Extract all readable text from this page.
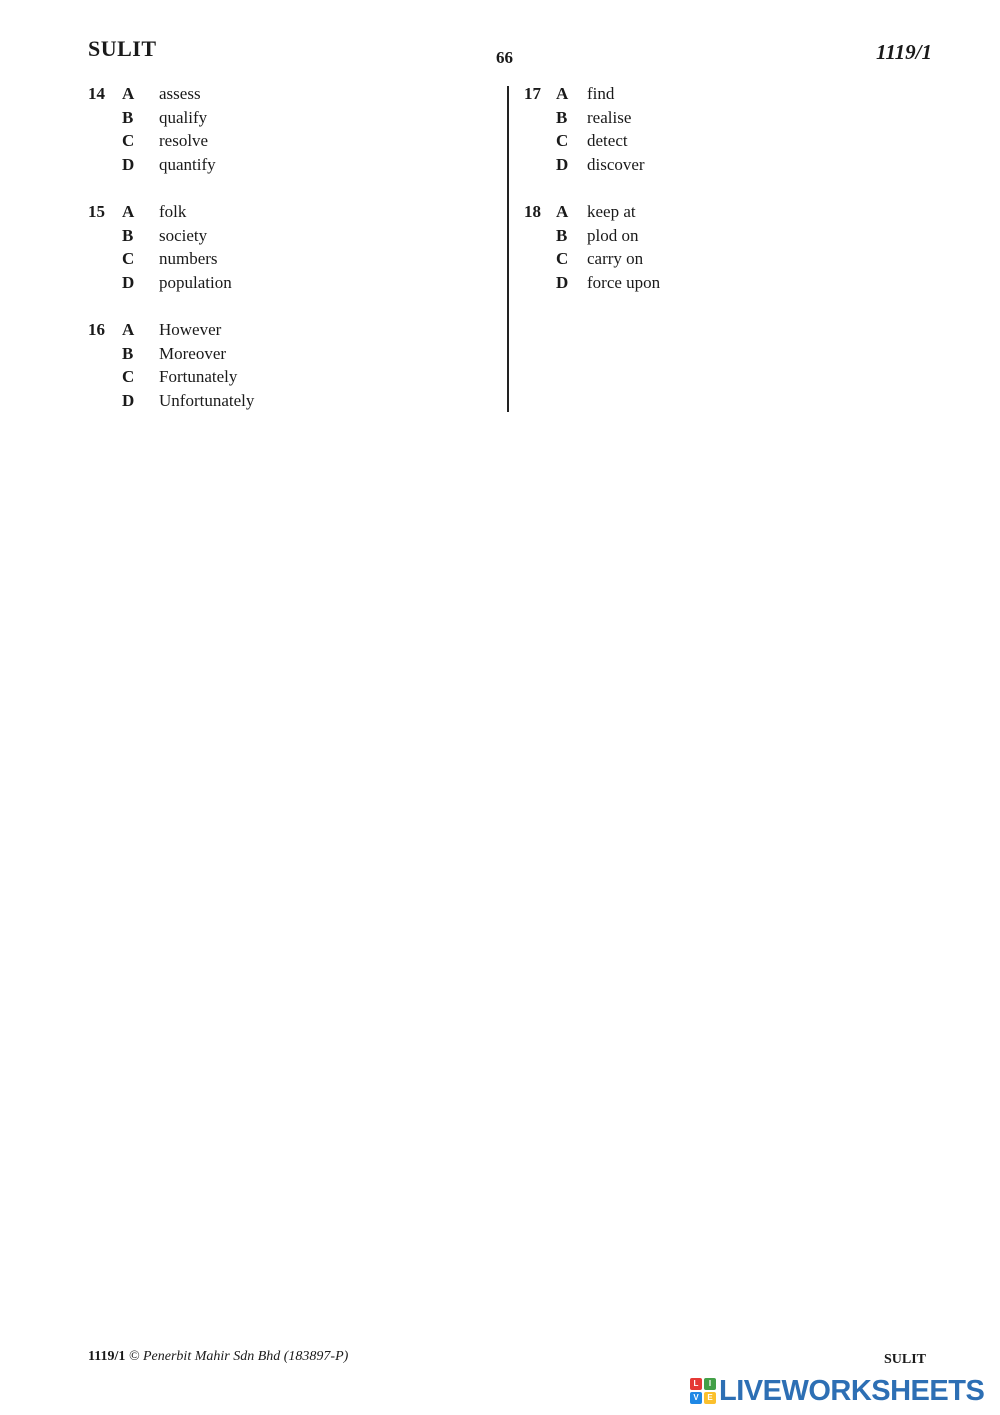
SULIT	66	1119/1
14	A	assess
B	qualify
C	resolve
D	quantify
15	A	folk
B	society
C	numbers
D	population
16	A	However
B	Moreover
C	Fortunately
D	Unfortunately
17 A	find
B	realise
C	detect
D	discover
18 A	keep at
B	plod on
C	carry on
D	force upon
1119/1 © Penerbit Mahir Sdn Bhd (183897-P)	SULIT
L	I
V	E LIVEWORKSHEETS
